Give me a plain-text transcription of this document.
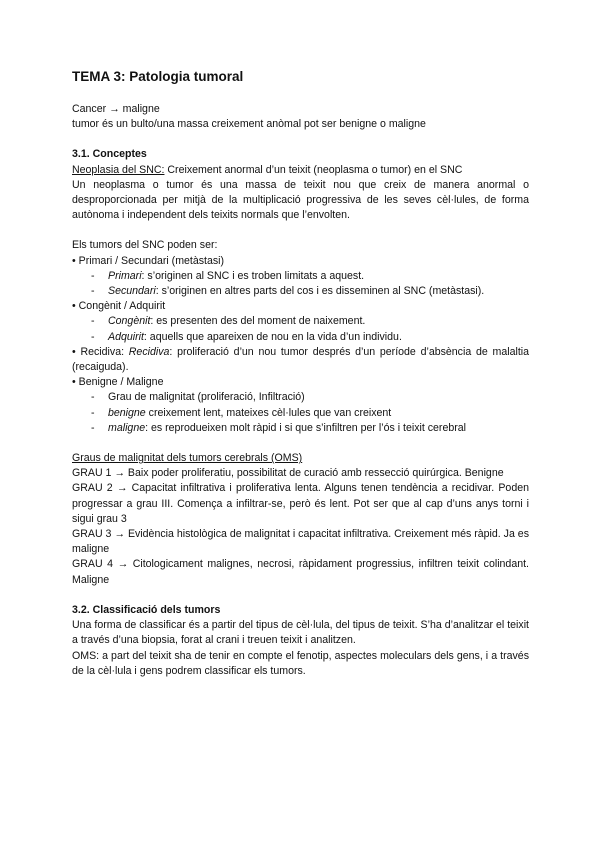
TEMA 3: Patologia tumoral

Cancer → maligne

tumor és un bulto/una massa creixement anòmal pot ser benigne o maligne

3.1. Conceptes

Neoplasia del SNC: Creixement anormal d’un teixit (neoplasma o tumor) en el SNC

Un neoplasma o tumor és una massa de teixit nou que creix de manera anormal o desproporcionada per mitjà de la multiplicació progressiva de les seves cèl·lules, de forma autònoma i independent dels teixits normals que l’envolten.

Els tumors del SNC poden ser:

• Primari / Secundari (metàstasi)

- Primari: s’originen al SNC i es troben limitats a aquest.

- Secundari: s’originen en altres parts del cos i es disseminen al SNC (metàstasi).

• Congènit / Adquirit

- Congènit: es presenten des del moment de naixement.

- Adquirit: aquells que apareixen de nou en la vida d’un individu.

• Recidiva: Recidiva: proliferació d’un nou tumor després d’un període d’absència de malaltia (recaiguda).

• Benigne / Maligne

- Grau de malignitat (proliferació, Infiltració)

- benigne creixement lent, mateixes cèl·lules que van creixent

- maligne: es reprodueixen molt ràpid i si que s’infiltren per l’ós i teixit cerebral

Graus de malignitat dels tumors cerebrals (OMS)

GRAU 1 → Baix poder proliferatiu, possibilitat de curació amb ressecció quirúrgica. Benigne

GRAU 2 → Capacitat infiltrativa i proliferativa lenta. Alguns tenen tendència a recidivar. Poden progressar a grau III. Comença a infiltrar-se, però és lent. Pot ser que al cap d’uns anys torni i sigui grau 3

GRAU 3 → Evidència histològica de malignitat i capacitat infiltrativa. Creixement més ràpid. Ja es maligne

GRAU 4 → Citologicament malignes, necrosi, ràpidament progressius, infiltren teixit colindant. Maligne

3.2. Classificació dels tumors

Una forma de classificar és a partir del tipus de cèl·lula, del tipus de teixit. S’ha d’analitzar el teixit a través d’una biopsia, forat al crani i treuen teixit i analitzen.

OMS: a part del teixit sha de tenir en compte el fenotip, aspectes moleculars dels gens, i a través de la cèl·lula i gens podrem classificar els tumors.
